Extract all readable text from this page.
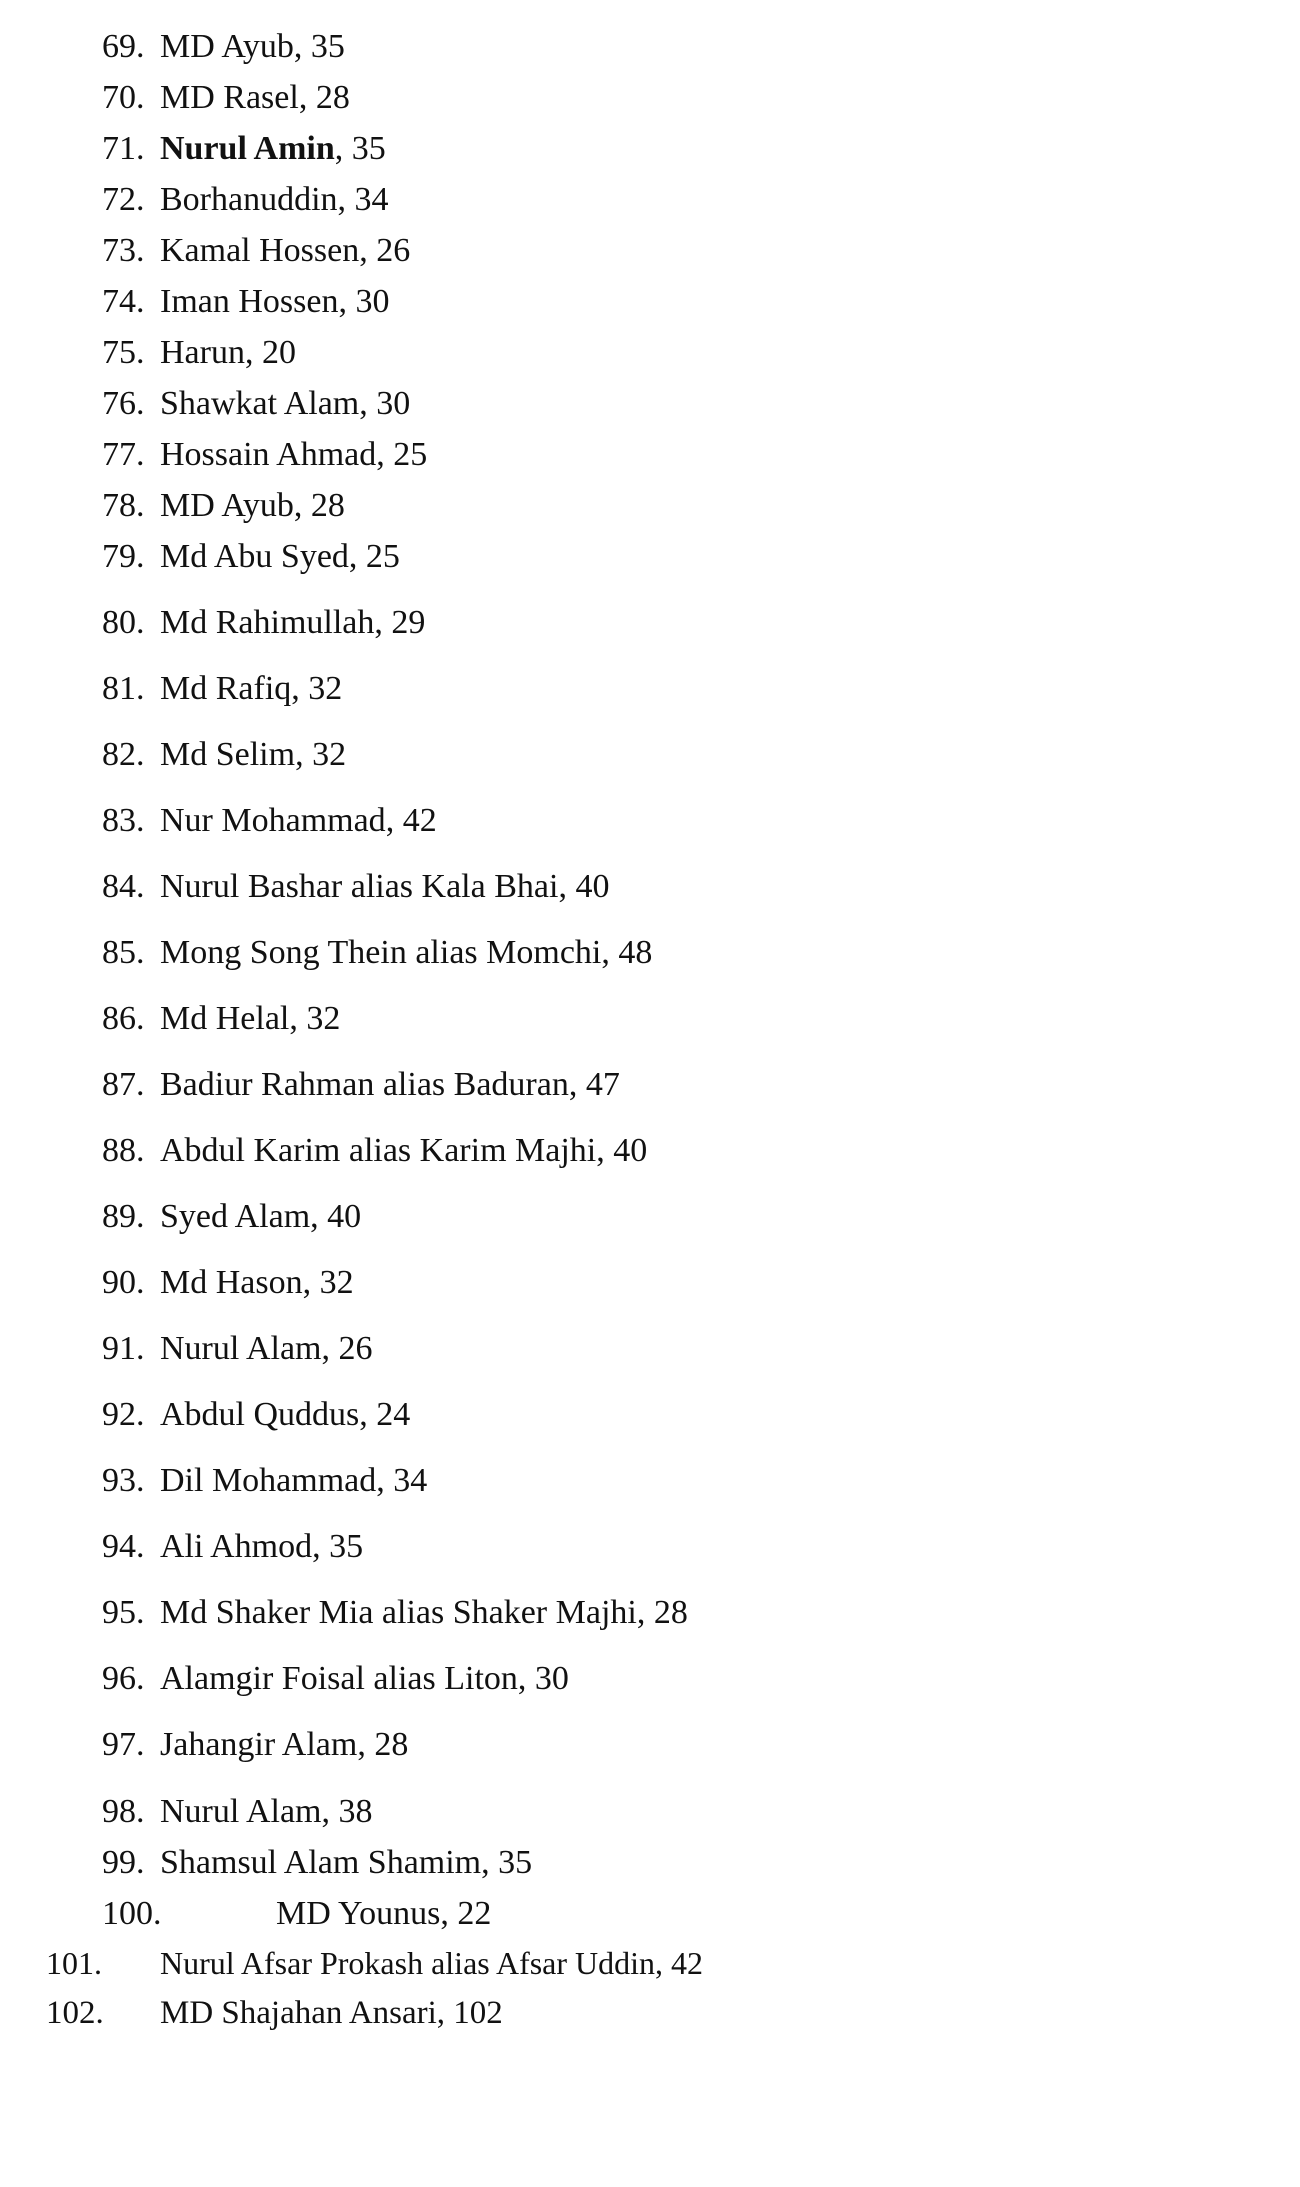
69. MD Ayub, 35
70. MD Rasel, 28
71. Nurul Amin, 35
72. Borhanuddin, 34
73. Kamal Hossen, 26
74. Iman Hossen, 30
75. Harun, 20
76. Shawkat Alam, 30
77. Hossain Ahmad, 25
78. MD Ayub, 28
79. Md Abu Syed, 25
80. Md Rahimullah, 29
81. Md Rafiq, 32
82. Md Selim, 32
83. Nur Mohammad, 42
84. Nurul Bashar alias Kala Bhai, 40
85. Mong Song Thein alias Momchi, 48
86. Md Helal, 32
87. Badiur Rahman alias Baduran, 47
88. Abdul Karim alias Karim Majhi, 40
89. Syed Alam, 40
90. Md Hason, 32
91. Nurul Alam, 26
92. Abdul Quddus, 24
93. Dil Mohammad, 34
94. Ali Ahmod, 35
95. Md Shaker Mia alias Shaker Majhi, 28
96. Alamgir Foisal alias Liton, 30
97. Jahangir Alam, 28
98. Nurul Alam, 38
99. Shamsul Alam Shamim, 35
100.	MD Younus, 22
101. Nurul Afsar Prokash alias Afsar Uddin, 42
102. MD Shajahan Ansari, 102
